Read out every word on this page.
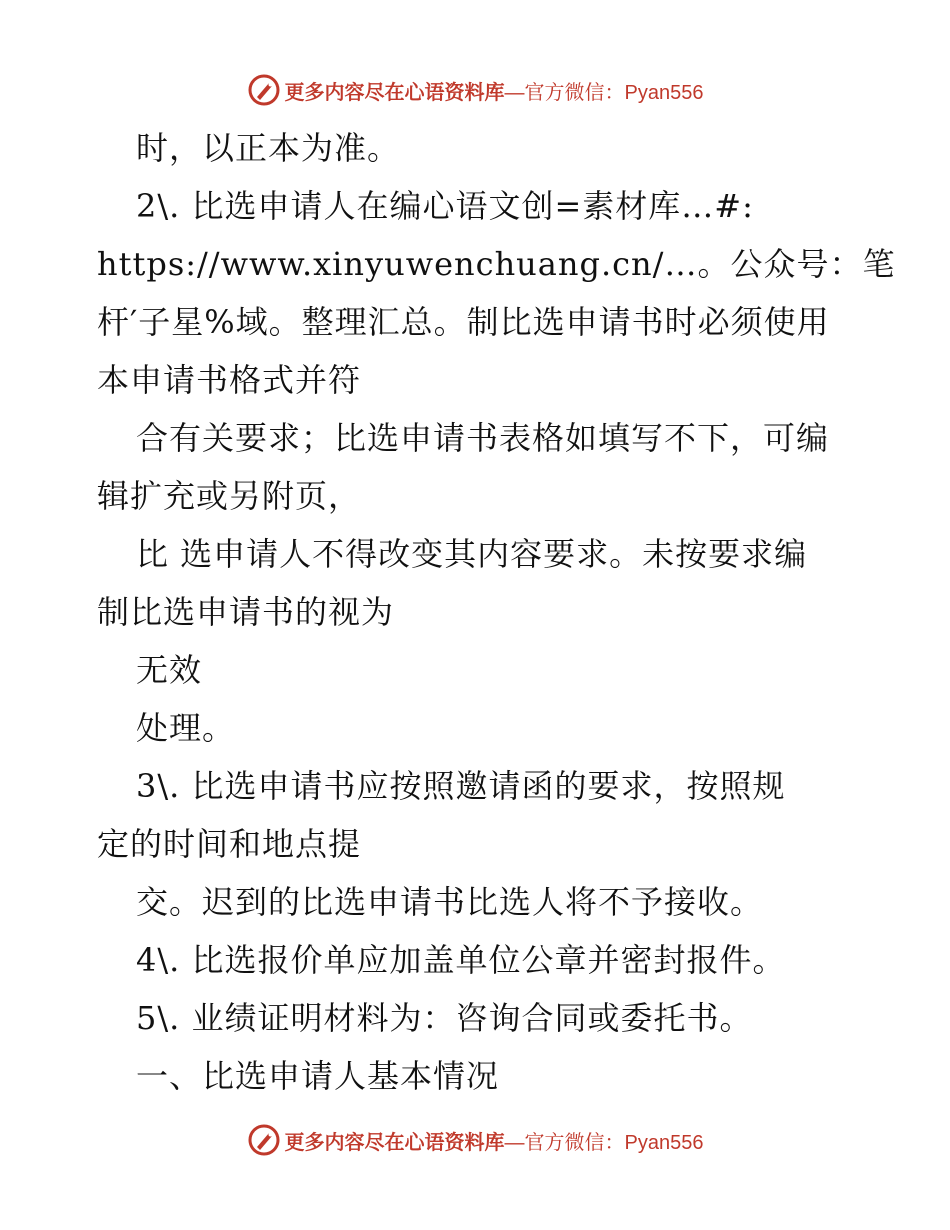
更多内容尽在心语资料库 —官方微信：Pyan556
时，以正本为准。
2\. 比选申请人在编心语文创=素材库…#:
https://www.xinyuwenchuang.cn/…。公众号：笔
杆′子星%域。整理汇总。制比选申请书时必须使用
本申请书格式并符
合有关要求；比选申请书表格如填写不下，可编
辑扩充或另附页，
比 选申请人不得改变其内容要求。未按要求编
制比选申请书的视为
无效
处理。
3\. 比选申请书应按照邀请函的要求，按照规
定的时间和地点提
交。迟到的比选申请书比选人将不予接收。
4\. 比选报价单应加盖单位公章并密封报件。
5\. 业绩证明材料为：咨询合同或委托书。
一、比选申请人基本情况
更多内容尽在心语资料库 —官方微信：Pyan556
